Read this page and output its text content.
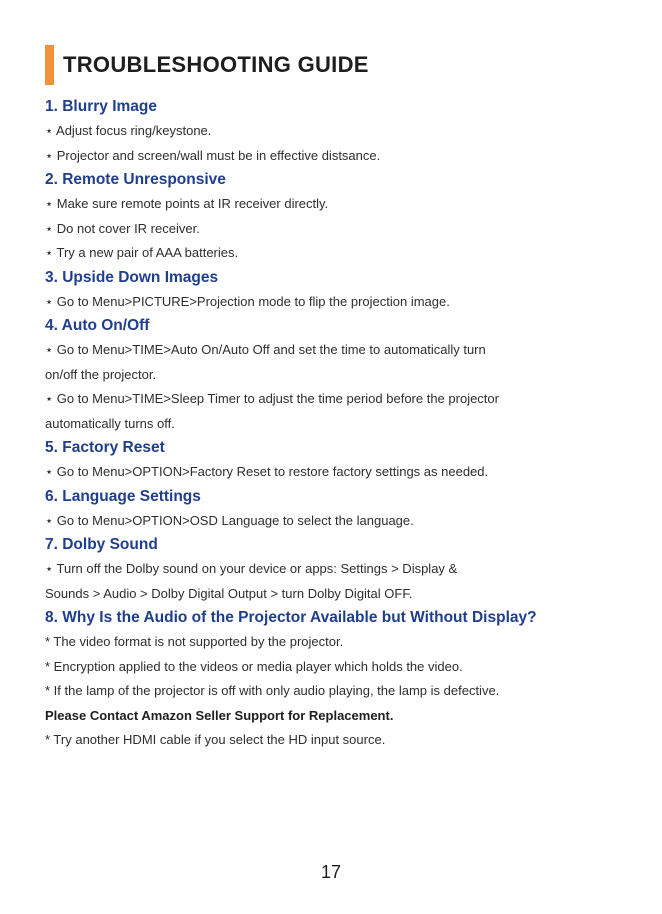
TROUBLESHOOTING GUIDE
1. Blurry Image
⋆ Adjust focus ring/keystone.
⋆ Projector and screen/wall must be in effective distsance.
2. Remote Unresponsive
⋆ Make sure remote points at IR receiver directly.
⋆ Do not cover IR receiver.
⋆ Try a new pair of AAA batteries.
3. Upside Down Images
⋆ Go to Menu>PICTURE>Projection mode to flip the projection image.
4. Auto On/Off
⋆ Go to Menu>TIME>Auto On/Auto Off and set the time to automatically turn
on/off the projector.
⋆ Go to Menu>TIME>Sleep Timer to adjust the time period before the projector
automatically turns off.
5. Factory Reset
⋆ Go to Menu>OPTION>Factory Reset to restore factory settings as needed.
6. Language Settings
⋆ Go to Menu>OPTION>OSD Language to select the language.
7. Dolby Sound
⋆ Turn off the Dolby sound on your device or apps: Settings > Display &
Sounds > Audio > Dolby Digital Output > turn Dolby Digital OFF.
8. Why Is the Audio of the Projector Available but Without Display?
* The video format is not supported by the projector.
* Encryption applied to the videos or media player which holds the video.
* If the lamp of the projector is off with only audio playing, the lamp is defective.
Please Contact Amazon Seller Support for Replacement.
* Try another HDMI cable if you select the HD input source.
17
